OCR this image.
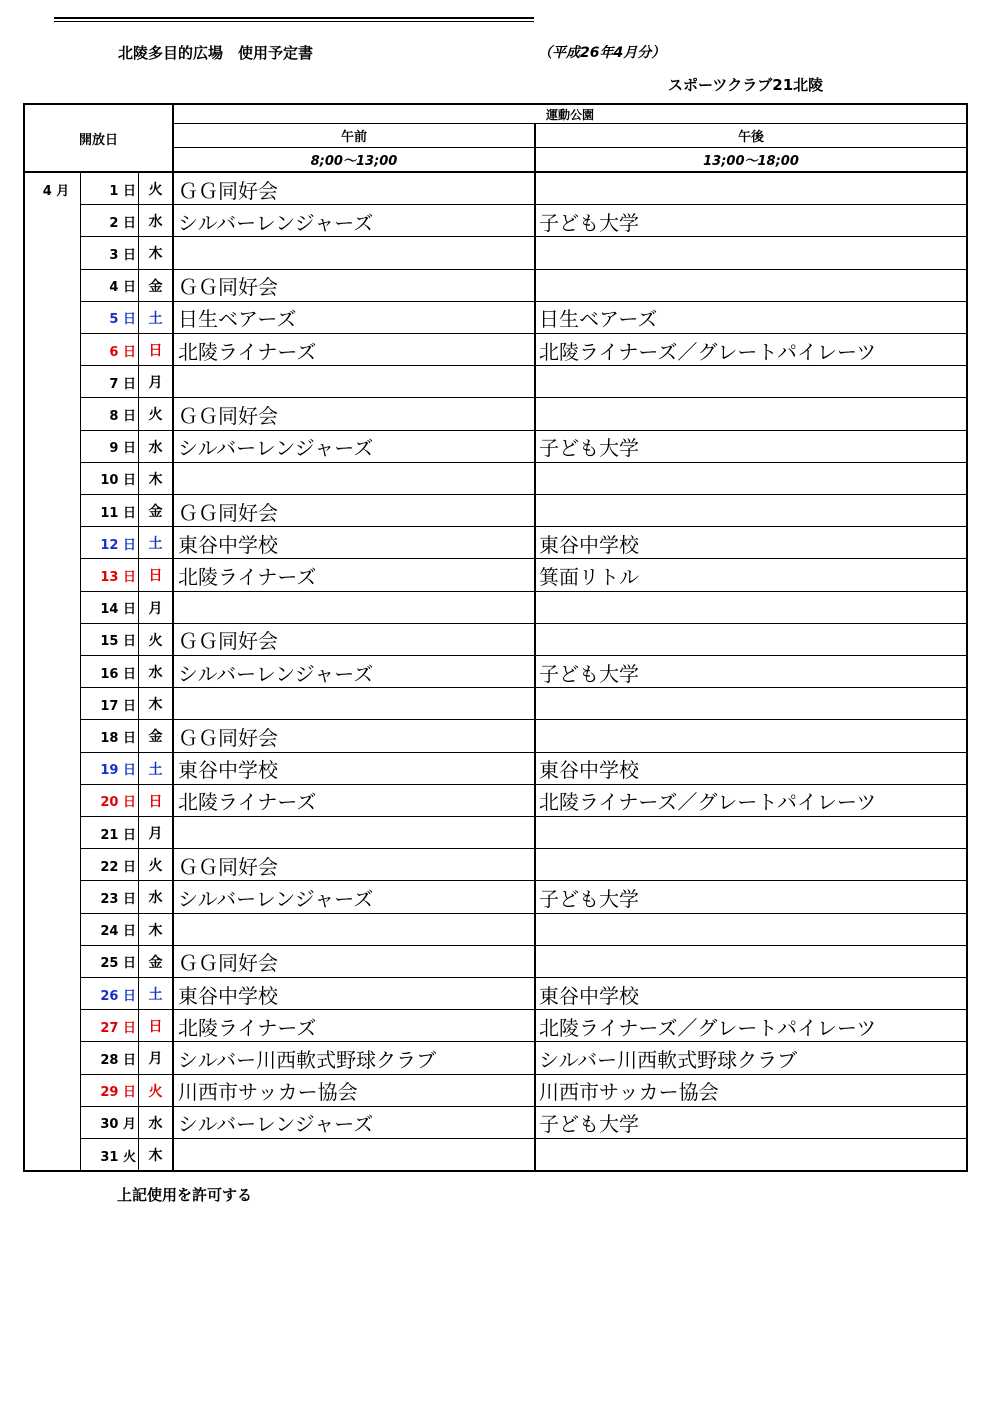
北陵多目的広場　使用予定書	（平成26年4月分）
スポーツクラブ21北陵
開放日
運動公園
午前	午後
8;00～13;00	13;00～18;00
4 月	1 日 火 ＧＧ同好会
2 日 水 シルバーレンジャーズ	子ども大学
3 日 木
4 日 金 ＧＧ同好会
5 日 土 日生ベアーズ	日生ベアーズ
6 日 日 北陵ライナーズ	北陵ライナーズ／グレートパイレーツ
7 日 月
8 日 火 ＧＧ同好会
9 日 水 シルバーレンジャーズ	子ども大学
10 日 木
11 日 金 ＧＧ同好会
12 日 土 東谷中学校	東谷中学校
13 日 日 北陵ライナーズ	箕面リトル
14 日 月
15 日 火 ＧＧ同好会
16 日 水 シルバーレンジャーズ	子ども大学
17 日 木
18 日 金 ＧＧ同好会
19 日 土 東谷中学校	東谷中学校
20 日 日 北陵ライナーズ	北陵ライナーズ／グレートパイレーツ
21 日 月
22 日 火 ＧＧ同好会
23 日 水 シルバーレンジャーズ	子ども大学
24 日 木
25 日 金 ＧＧ同好会
26 日 土 東谷中学校	東谷中学校
27 日 日 北陵ライナーズ	北陵ライナーズ／グレートパイレーツ
28 日 月 シルバー川西軟式野球クラブ	シルバー川西軟式野球クラブ
29 日 火 川西市サッカー協会	川西市サッカー協会
30 月 水 シルバーレンジャーズ	子ども大学
31 火 木
上記使用を許可する
